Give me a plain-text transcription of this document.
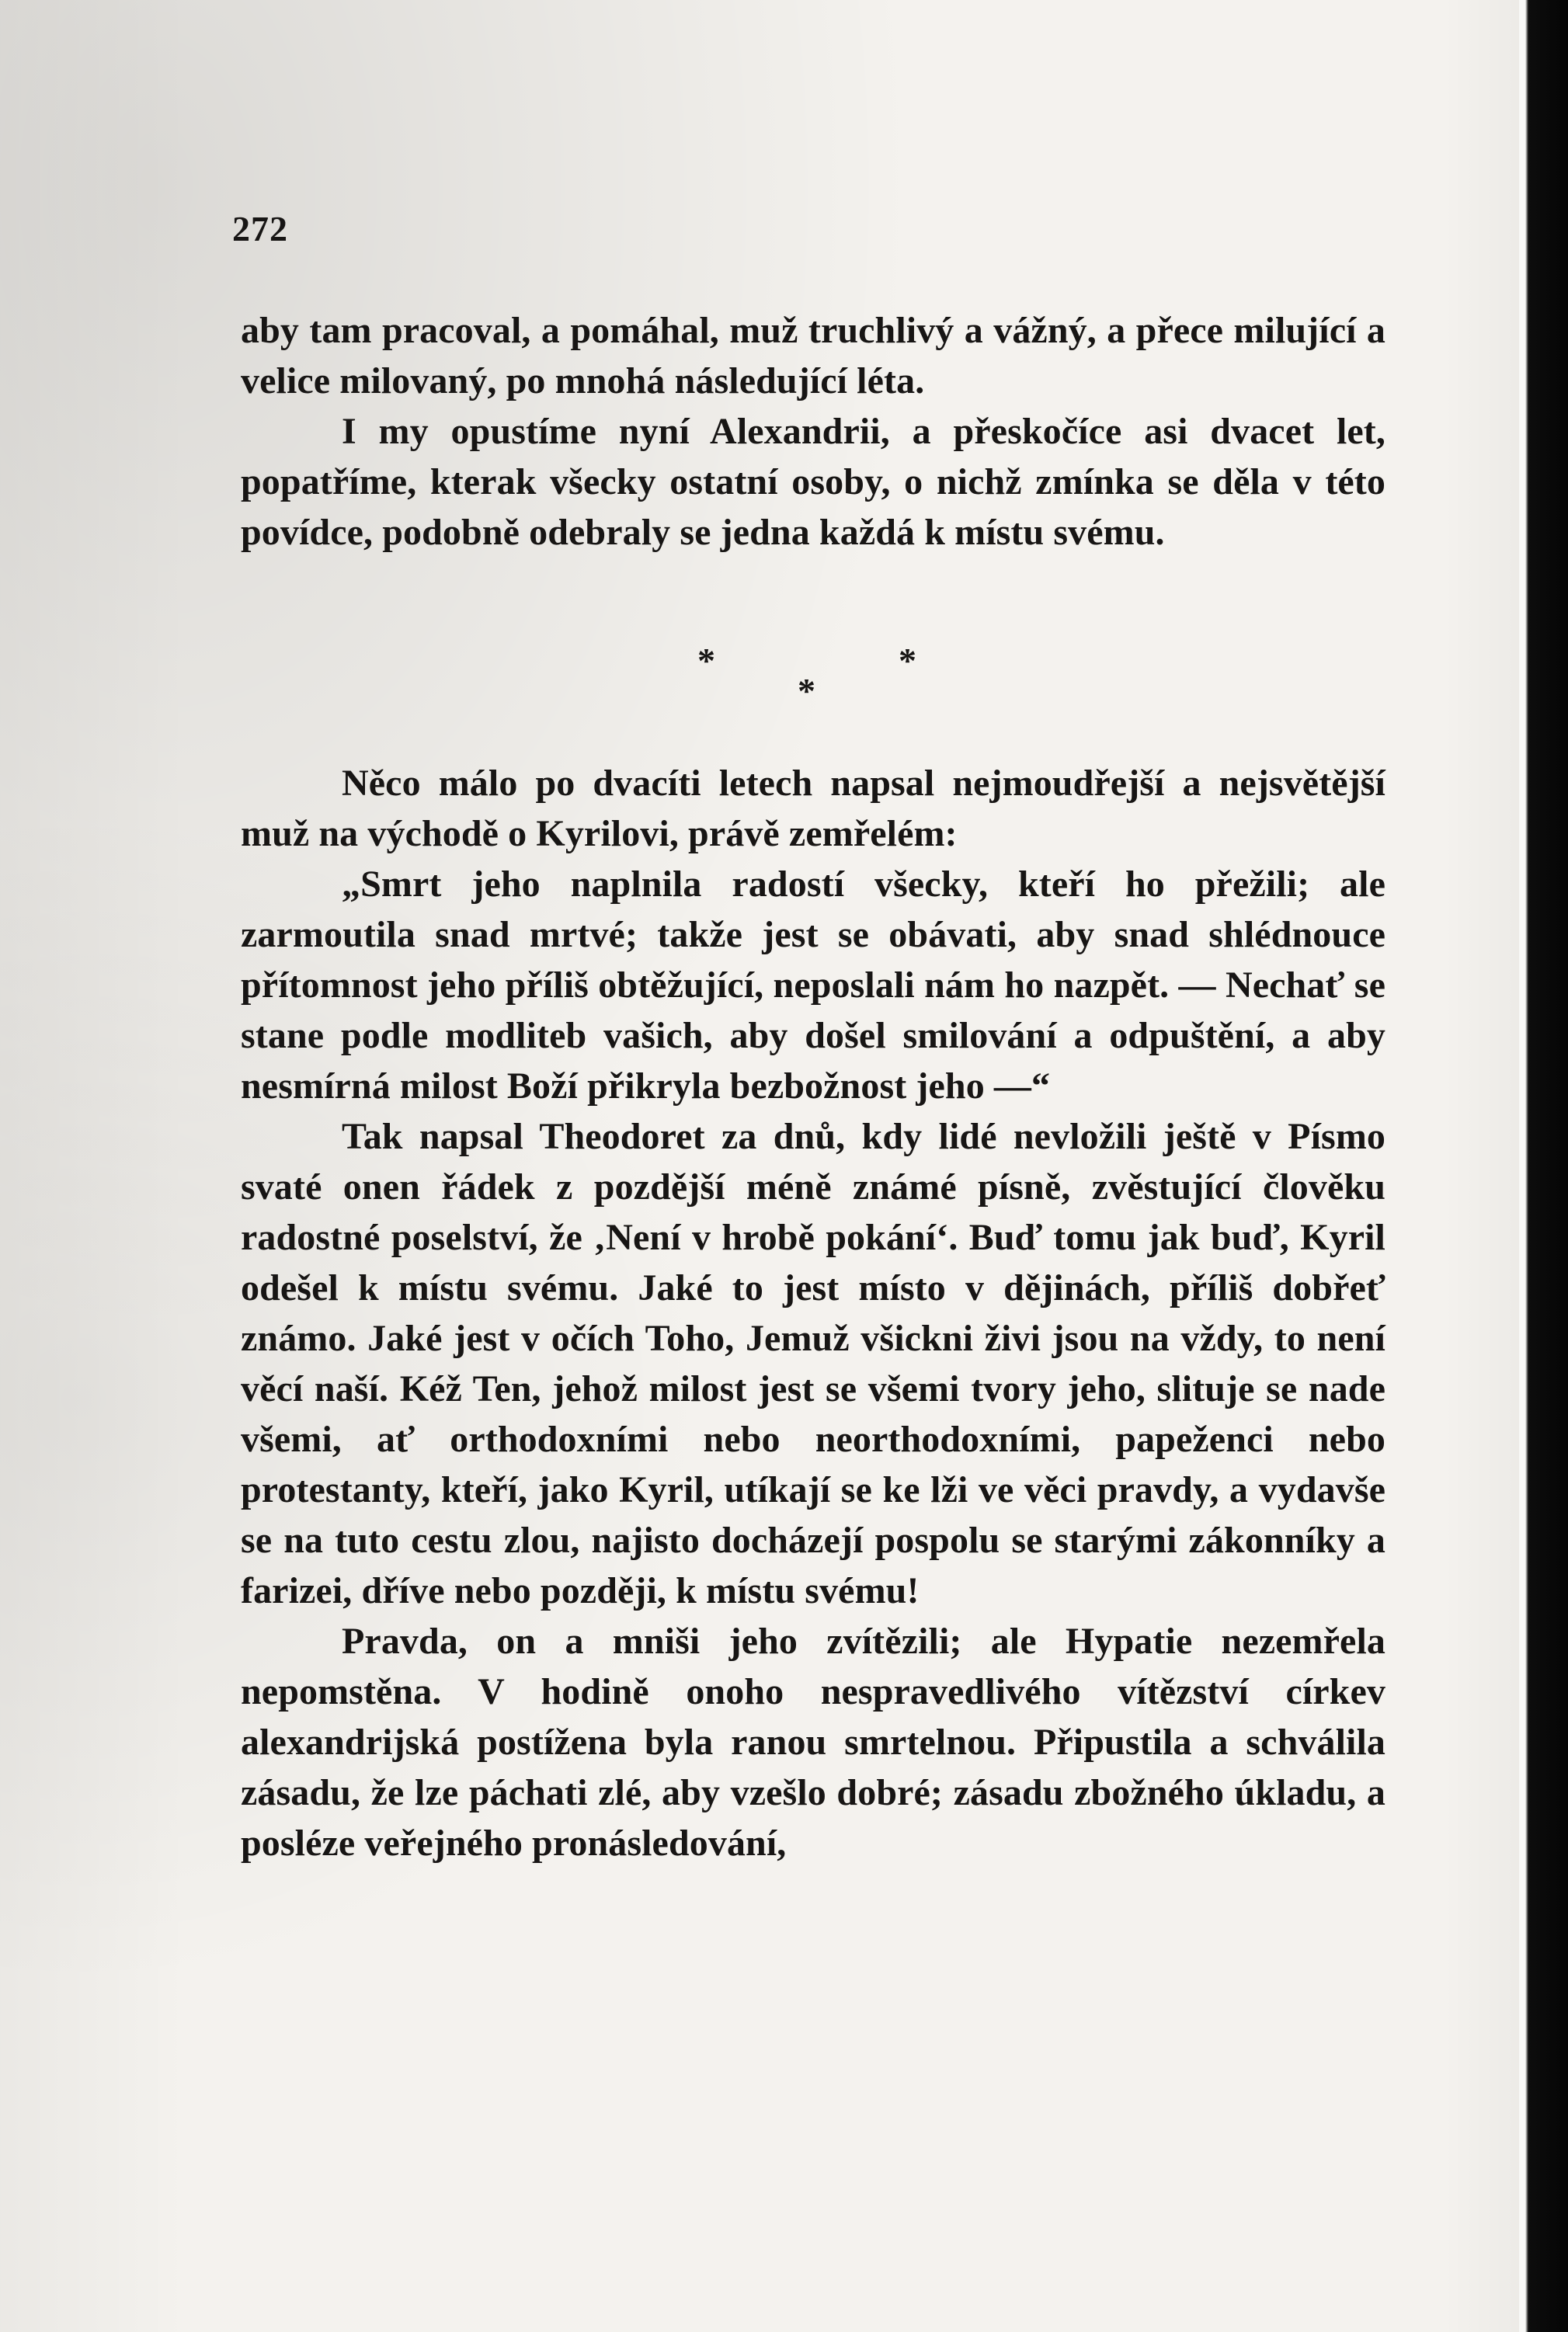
272

aby tam pracoval, a pomáhal, muž truchlivý a vážný, a přece milující a velice milovaný, po mnohá následující léta.

I my opustíme nyní Alexandrii, a přeskočíce asi dvacet let, popatříme, kterak všecky ostatní osoby, o nichž zmínka se děla v této povídce, podobně odebraly se jedna každá k místu svému.

*
*
*

Něco málo po dvacíti letech napsal nejmoudřejší a nejsvětější muž na východě o Kyrilovi, právě zemřelém:

„Smrt jeho naplnila radostí všecky, kteří ho přežili; ale zarmoutila snad mrtvé; takže jest se obávati, aby snad shlédnouce přítomnost jeho příliš obtěžující, neposlali nám ho nazpět. — Nechať se stane podle modliteb vašich, aby došel smilování a odpuštění, a aby nesmírná milost Boží přikryla bezbožnost jeho —“

Tak napsal Theodoret za dnů, kdy lidé nevložili ještě v Písmo svaté onen řádek z pozdější méně známé písně, zvěstující člověku radostné poselství, že ‚Není v hrobě pokání‘. Buď tomu jak buď, Kyril odešel k místu svému. Jaké to jest místo v dějinách, příliš dobřeť známo. Jaké jest v očích Toho, Jemuž všickni živi jsou na vždy, to není věcí naší. Kéž Ten, jehož milost jest se všemi tvory jeho, slituje se nade všemi, ať orthodoxními nebo neorthodoxními, papeženci nebo protestanty, kteří, jako Kyril, utíkají se ke lži ve věci pravdy, a vydavše se na tuto cestu zlou, najisto docházejí pospolu se starými zákonníky a farizei, dříve nebo později, k místu svému!

Pravda, on a mniši jeho zvítězili; ale Hypatie nezemřela nepomstěna. V hodině onoho nespravedlivého vítězství církev alexandrijská postížena byla ranou smrtelnou. Připustila a schválila zásadu, že lze páchati zlé, aby vzešlo dobré; zásadu zbožného úkladu, a posléze veřejného pronásledování,
